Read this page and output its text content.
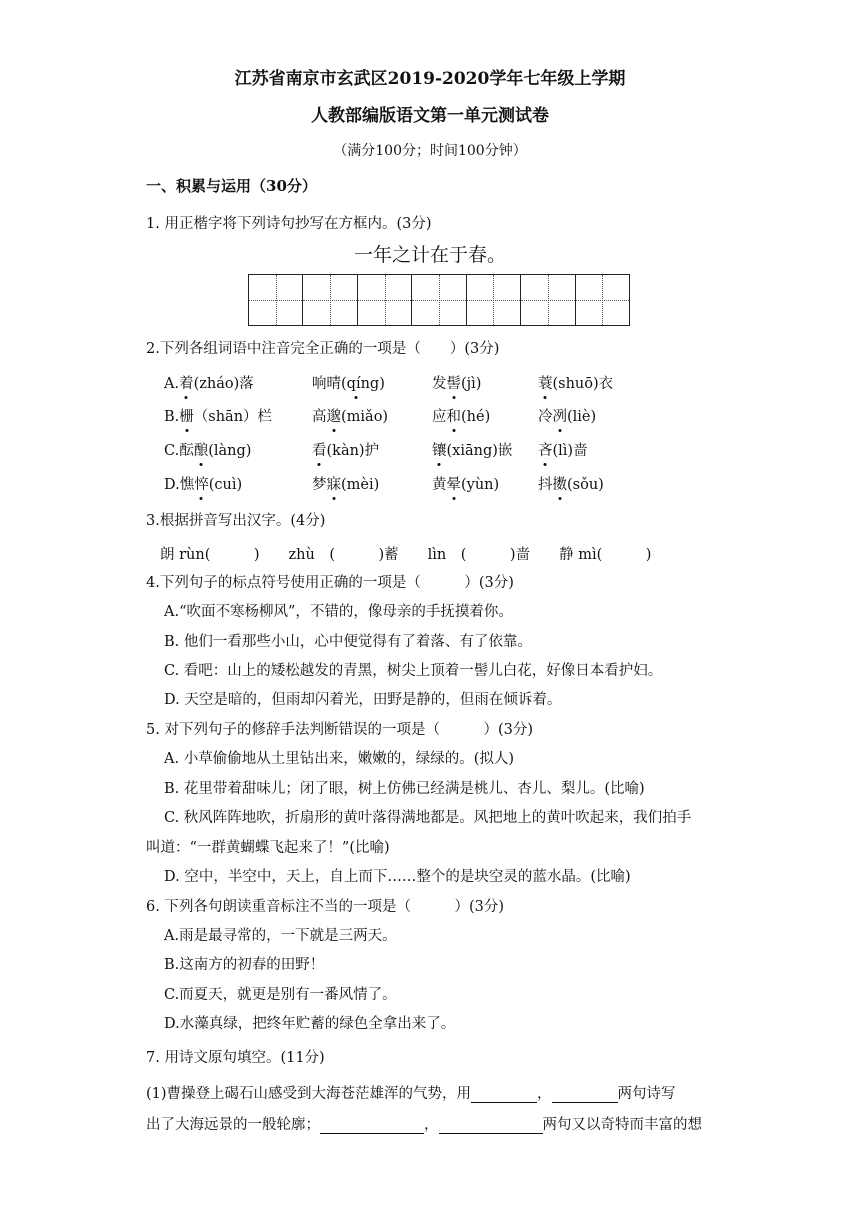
江苏省南京市玄武区2019-2020学年七年级上学期
人教部编版语文第一单元测试卷
（满分100分；时间100分钟）
一、积累与运用（30分）
1. 用正楷字将下列诗句抄写在方框内。(3分)
一年之计在于春。
2.下列各组词语中注音完全正确的一项是（　　）(3分)
A.着(zháo)落	响晴(qíng)	发髻(jì)	蓑(shuō)衣
B.栅（shān）栏	高邈(miǎo)	应和(hé)	冷冽(liè)
C.酝酿(làng)	看(kàn)护	镶(xiāng)嵌 吝(lì)啬
D.憔悴(cuì)	梦寐(mèi)	黄晕(yùn)	抖擞(sǒu)
3.根据拼音写出汉字。(4分)
朗 rùn(　　　)　　zhù　(　　　)蓄　　lìn　(　　　)啬　　静 mì(　　　)
4.下列句子的标点符号使用正确的一项是（　　　）(3分)
A.“吹面不寒杨柳风”，不错的，像母亲的手抚摸着你。
B. 他们一看那些小山，心中便觉得有了着落、有了依靠。
C. 看吧：山上的矮松越发的青黑，树尖上顶着一髻儿白花，好像日本看护妇。
D. 天空是暗的，但雨却闪着光，田野是静的，但雨在倾诉着。
5. 对下列句子的修辞手法判断错误的一项是（　　　）(3分)
A. 小草偷偷地从土里钻出来，嫩嫩的，绿绿的。(拟人)
B. 花里带着甜味儿；闭了眼，树上仿佛已经满是桃儿、杏儿、梨儿。(比喻)
C. 秋风阵阵地吹，折扇形的黄叶落得满地都是。风把地上的黄叶吹起来，我们拍手
叫道：“一群黄蝴蝶飞起来了！”(比喻)
D. 空中，半空中，天上，自上而下……整个的是块空灵的蓝水晶。(比喻)
6. 下列各句朗读重音标注不当的一项是（　　　）(3分)
A.雨是最寻常的，一下就是三两天。
B.这南方的初春的田野！
C.而夏天，就更是别有一番风情了。
D.水藻真绿，把终年贮蓄的绿色全拿出来了。
7. 用诗文原句填空。(11分)
(1)曹操登上碣石山感受到大海苍茫雄浑的气势，用	，	两句诗写
出了大海远景的一般轮廓；	，	两句又以奇特而丰富的想
